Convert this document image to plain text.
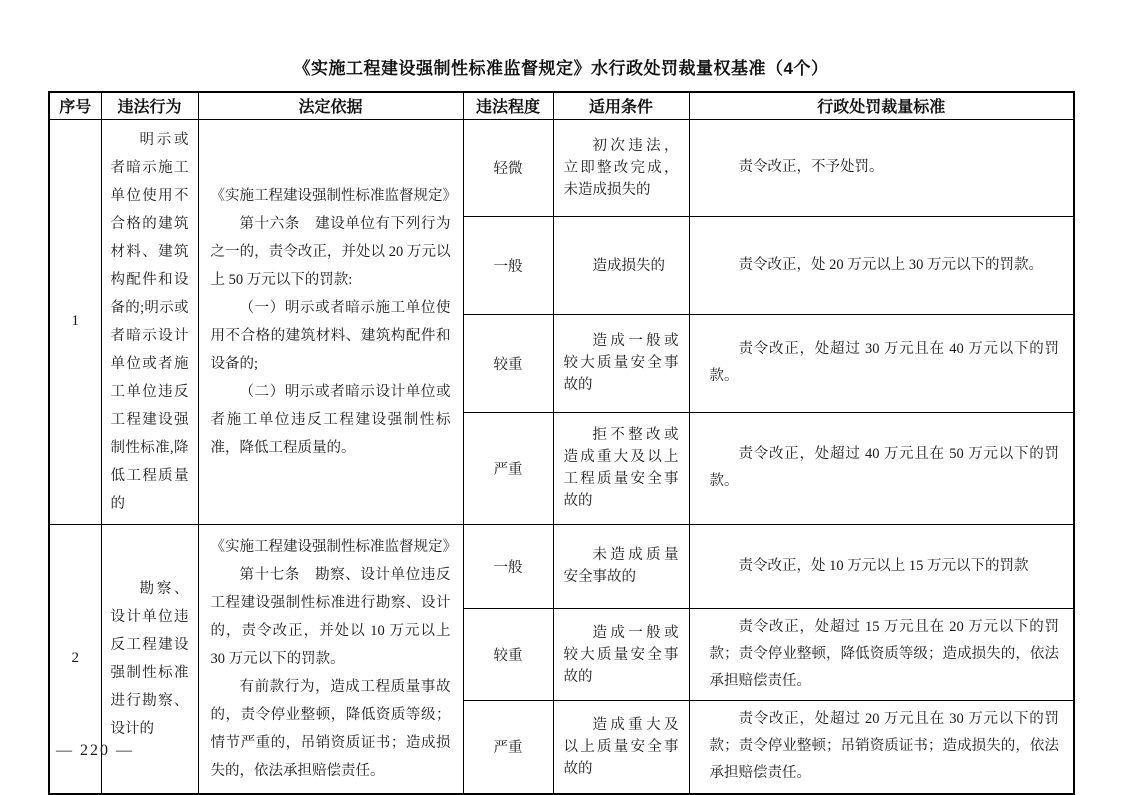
《实施工程建设强制性标准监督规定》水行政处罚裁量权基准（4个）
序号	违法行为	法定依据	违法程度	适用条件	行政处罚裁量标准
1	明示或者暗示施工单位使用不合格的建筑材料、建筑构配件和设备的;明示或者暗示设计单位或者施工单位违反工程建设强制性标准,降低工程质量的	《实施工程建设强制性标准监督规定》

第十六条　建设单位有下列行为之一的，责令改正，并处以 20 万元以上 50 万元以下的罚款:

（一）明示或者暗示施工单位使用不合格的建筑材料、建筑构配件和设备的;

（二）明示或者暗示设计单位或者施工单位违反工程建设强制性标准，降低工程质量的。	轻微	初次违法，立即整改完成，未造成损失的	责令改正，不予处罚。

			一般	造成损失的	责令改正，处 20 万元以上 30 万元以下的罚款。

			较重	造成一般或较大质量安全事故的	责令改正，处超过 30 万元且在 40 万元以下的罚款。

			严重	拒不整改或造成重大及以上工程质量安全事故的	责令改正，处超过 40 万元且在 50 万元以下的罚款。

2	勘察、设计单位违反工程建设强制性标准进行勘察、设计的	《实施工程建设强制性标准监督规定》

第十七条　勘察、设计单位违反工程建设强制性标准进行勘察、设计的，责令改正，并处以 10 万元以上 30 万元以下的罚款。

有前款行为，造成工程质量事故的，责令停业整顿，降低资质等级；情节严重的，吊销资质证书；造成损失的，依法承担赔偿责任。	一般	未造成质量安全事故的	责令改正，处 10 万元以上 15 万元以下的罚款

			较重	造成一般或较大质量安全事故的	责令改正，处超过 15 万元且在 20 万元以下的罚款；责令停业整顿，降低资质等级；造成损失的，依法承担赔偿责任。

			严重	造成重大及以上质量安全事故的	责令改正，处超过 20 万元且在 30 万元以下的罚款；责令停业整顿；吊销资质证书；造成损失的，依法承担赔偿责任。
— 220 —
